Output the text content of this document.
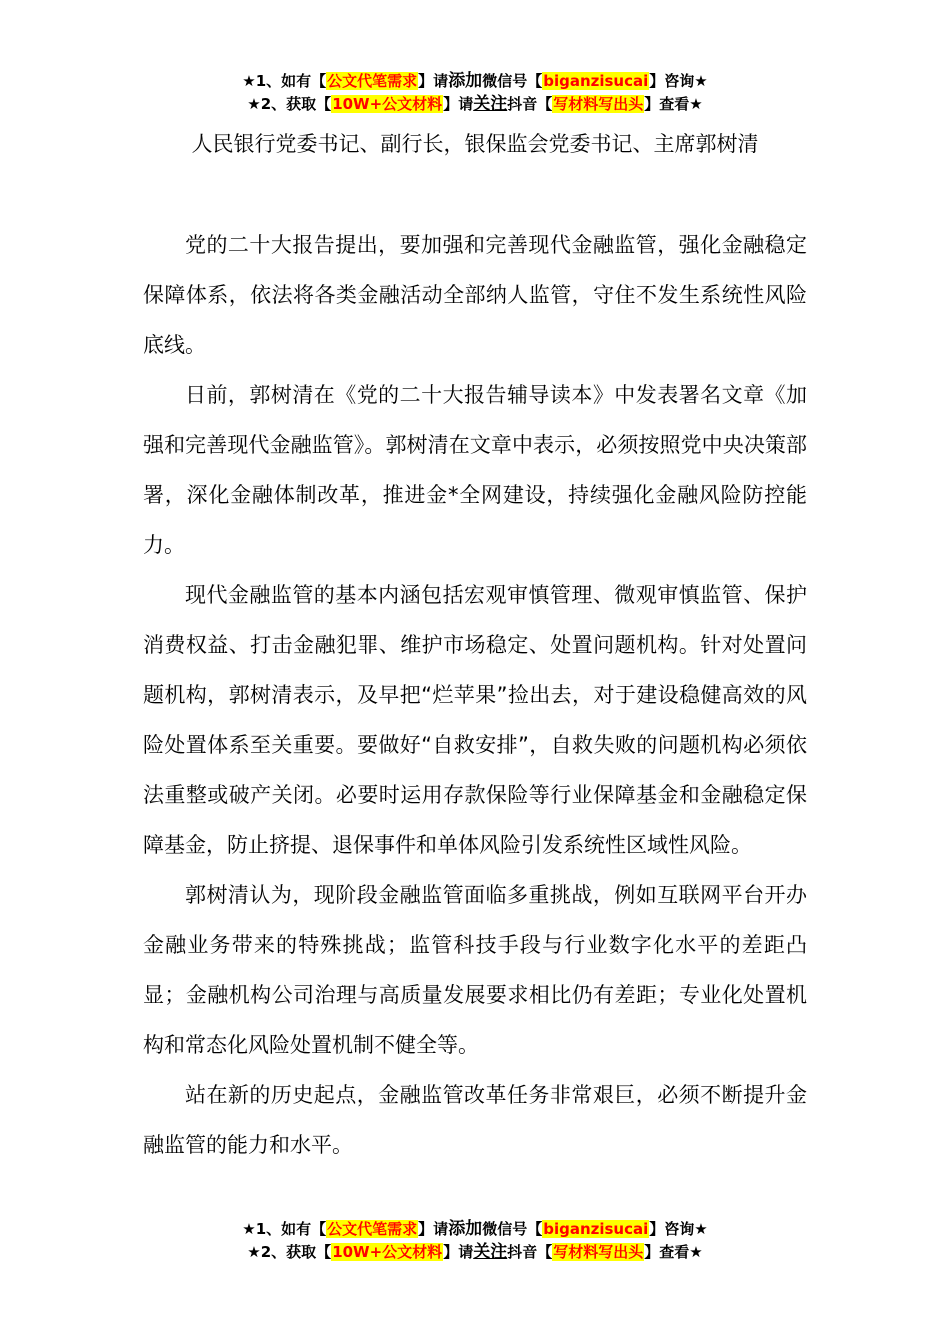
★1、如有【公文代笔需求】请添加微信号【biganzisucai】咨询★
★2、获取【10W+公文材料】请关注抖音【写材料写出头】查看★
人民银行党委书记、副行长，银保监会党委书记、主席郭树清

党的二十大报告提出，要加强和完善现代金融监管，强化金融稳定保障体系，依法将各类金融活动全部纳人监管，守住不发生系统性风险底线。

日前，郭树清在《党的二十大报告辅导读本》中发表署名文章《加强和完善现代金融监管》。郭树清在文章中表示，必须按照党中央决策部署，深化金融体制改革，推进金*全网建设，持续强化金融风险防控能力。

现代金融监管的基本内涵包括宏观审慎管理、微观审慎监管、保护消费权益、打击金融犯罪、维护市场稳定、处置问题机构。针对处置问题机构，郭树清表示，及早把“烂苹果”捡出去，对于建设稳健高效的风险处置体系至关重要。要做好“自救安排”，自救失败的问题机构必须依法重整或破产关闭。必要时运用存款保险等行业保障基金和金融稳定保障基金，防止挤提、退保事件和单体风险引发系统性区域性风险。

郭树清认为，现阶段金融监管面临多重挑战，例如互联网平台开办金融业务带来的特殊挑战；监管科技手段与行业数字化水平的差距凸显；金融机构公司治理与高质量发展要求相比仍有差距；专业化处置机构和常态化风险处置机制不健全等。

站在新的历史起点，金融监管改革任务非常艰巨，必须不断提升金融监管的能力和水平。

★1、如有【公文代笔需求】请添加微信号【biganzisucai】咨询★
★2、获取【10W+公文材料】请关注抖音【写材料写出头】查看★
